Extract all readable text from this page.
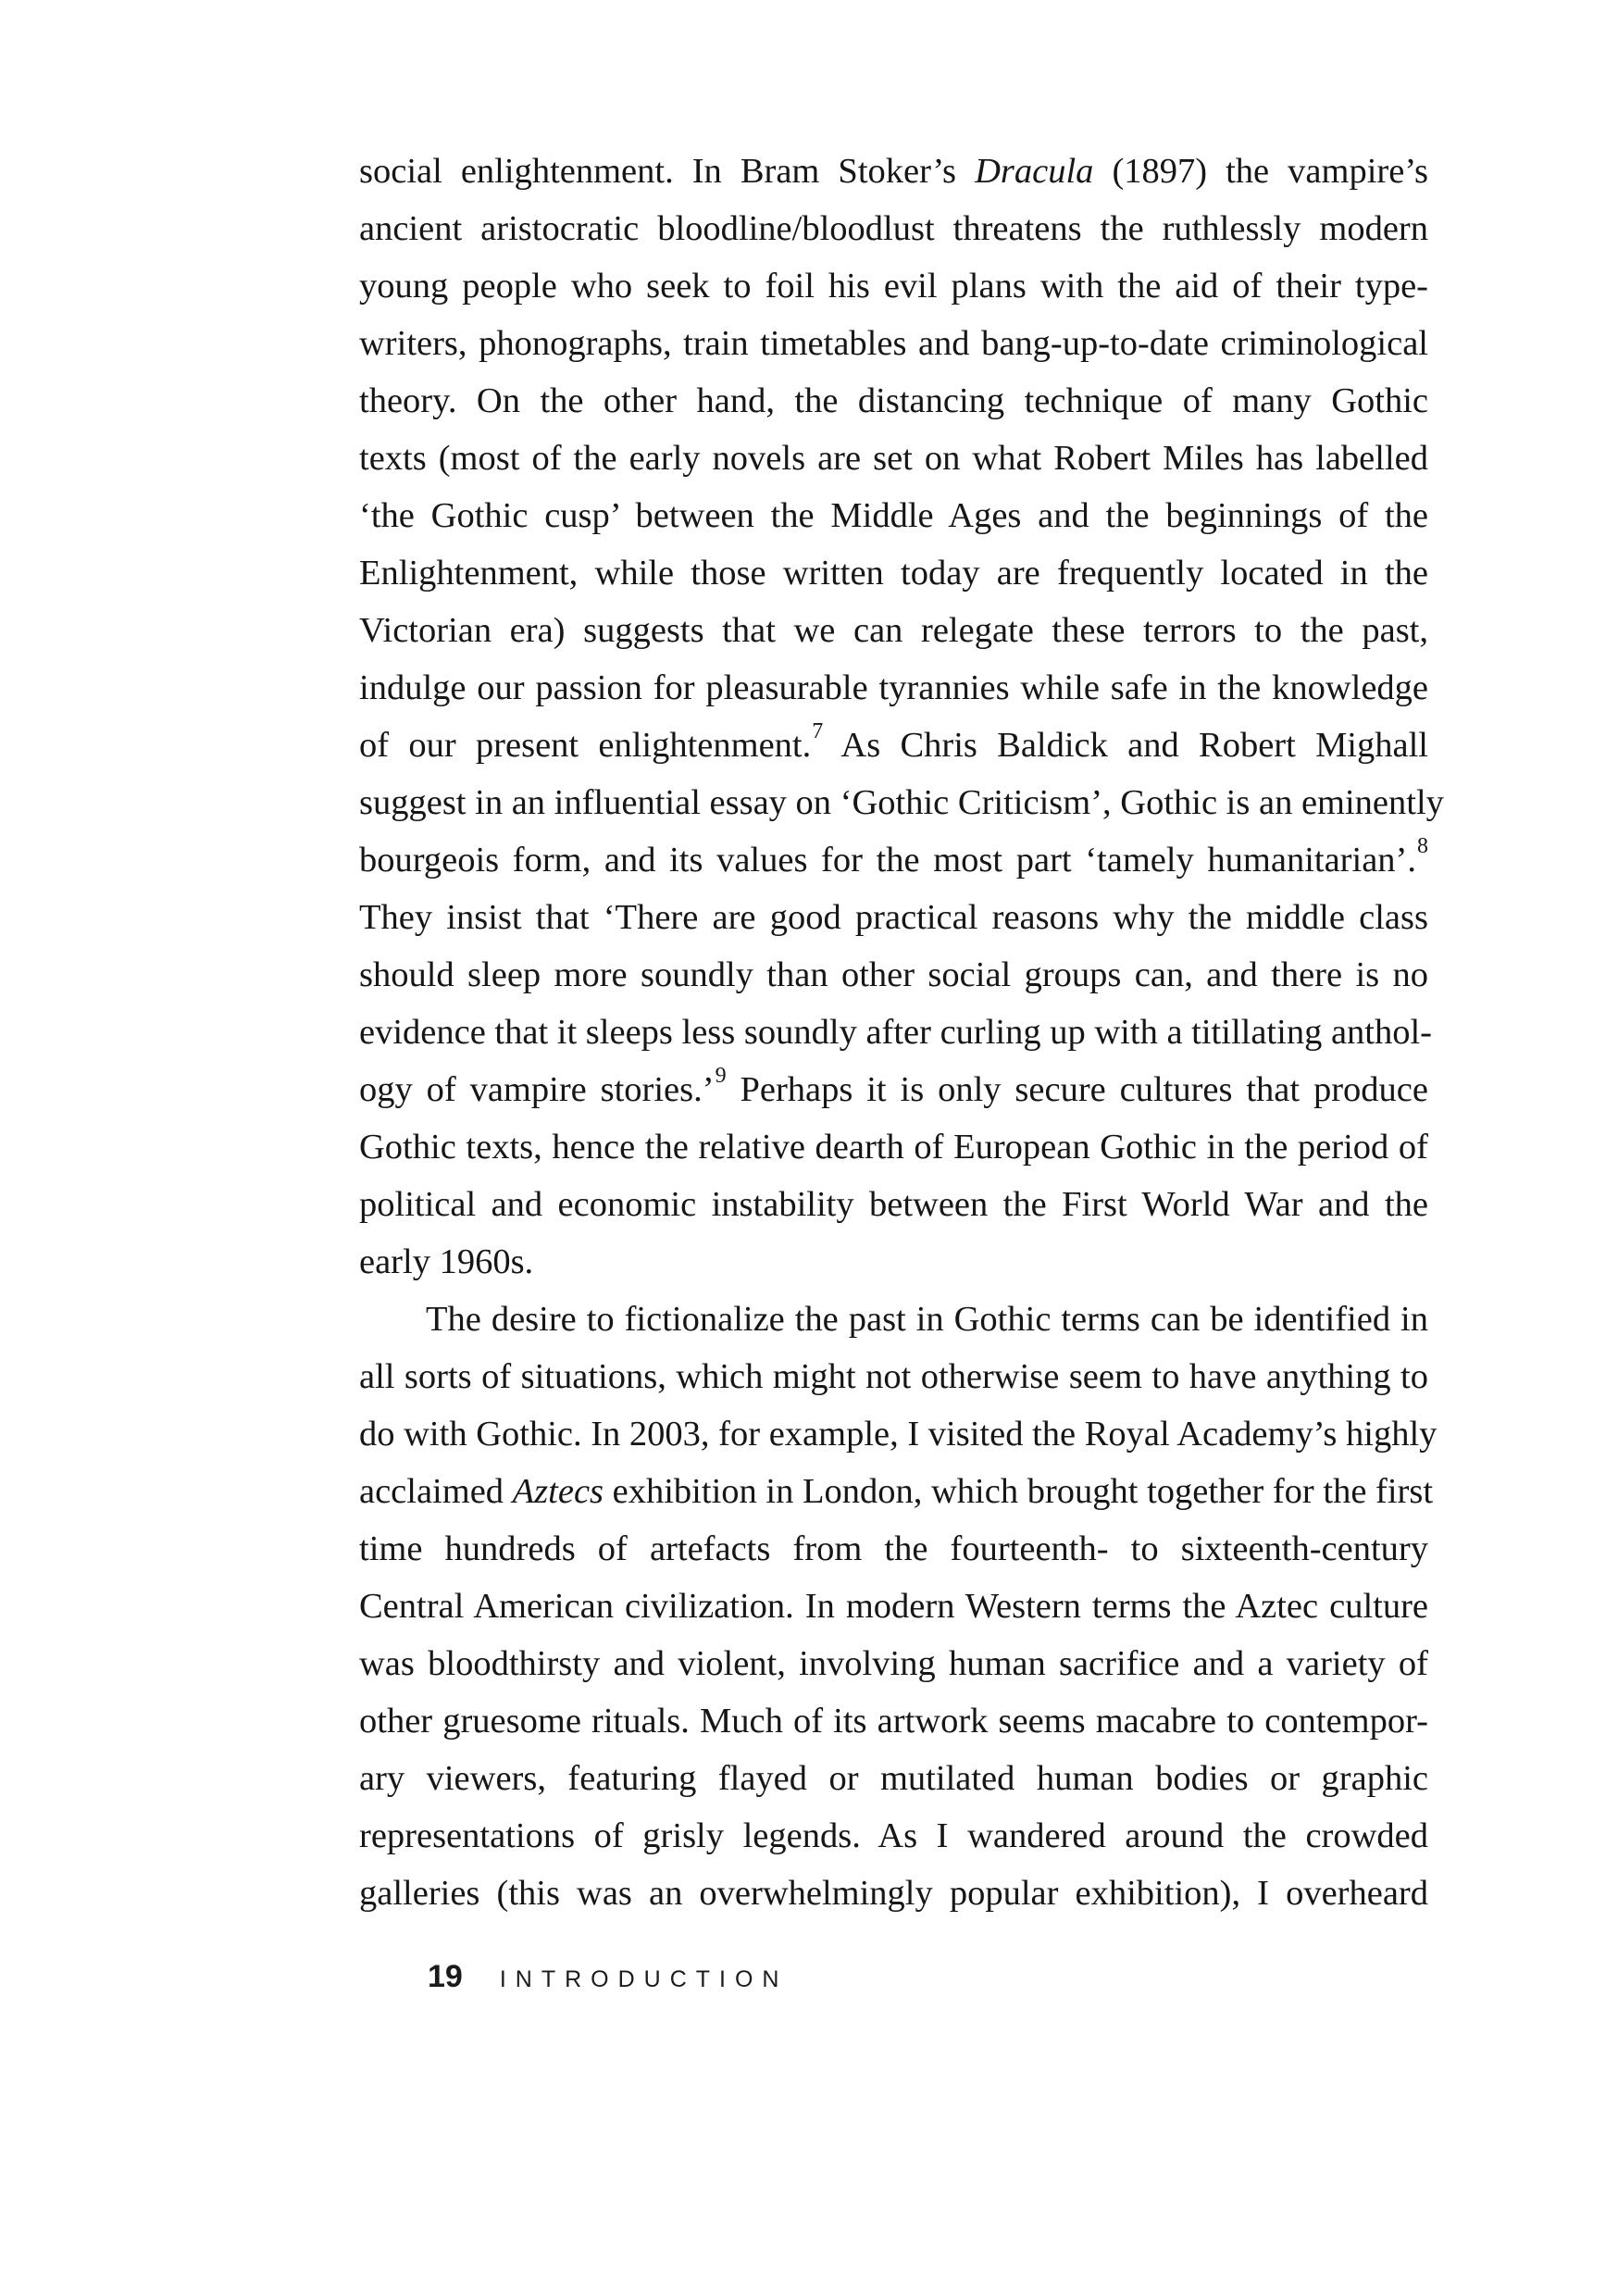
social enlightenment. In Bram Stoker’s Dracula (1897) the vampire’s
ancient aristocratic bloodline/bloodlust threatens the ruthlessly modern
young people who seek to foil his evil plans with the aid of their type-
writers, phonographs, train timetables and bang-up-to-date criminological
theory. On the other hand, the distancing technique of many Gothic
texts (most of the early novels are set on what Robert Miles has labelled
‘the Gothic cusp’ between the Middle Ages and the beginnings of the
Enlightenment, while those written today are frequently located in the
Victorian era) suggests that we can relegate these terrors to the past,
indulge our passion for pleasurable tyrannies while safe in the knowledge
of our present enlightenment.$^7$ As Chris Baldick and Robert Mighall
suggest in an influential essay on ‘Gothic Criticism’, Gothic is an eminently
bourgeois form, and its values for the most part ‘tamely humanitarian’.$^8$
They insist that ‘There are good practical reasons why the middle class
should sleep more soundly than other social groups can, and there is no
evidence that it sleeps less soundly after curling up with a titillating anthol-
ogy of vampire stories.’$^9$ Perhaps it is only secure cultures that produce
Gothic texts, hence the relative dearth of European Gothic in the period of
political and economic instability between the First World War and the
early 1960s.

The desire to fictionalize the past in Gothic terms can be identified in
all sorts of situations, which might not otherwise seem to have anything to
do with Gothic. In 2003, for example, I visited the Royal Academy’s highly
acclaimed Aztecs exhibition in London, which brought together for the first
time hundreds of artefacts from the fourteenth- to sixteenth-century
Central American civilization. In modern Western terms the Aztec culture
was bloodthirsty and violent, involving human sacrifice and a variety of
other gruesome rituals. Much of its artwork seems macabre to contempor-
ary viewers, featuring flayed or mutilated human bodies or graphic
representations of grisly legends. As I wandered around the crowded
galleries (this was an overwhelmingly popular exhibition), I overheard

19 INTRODUCTION
